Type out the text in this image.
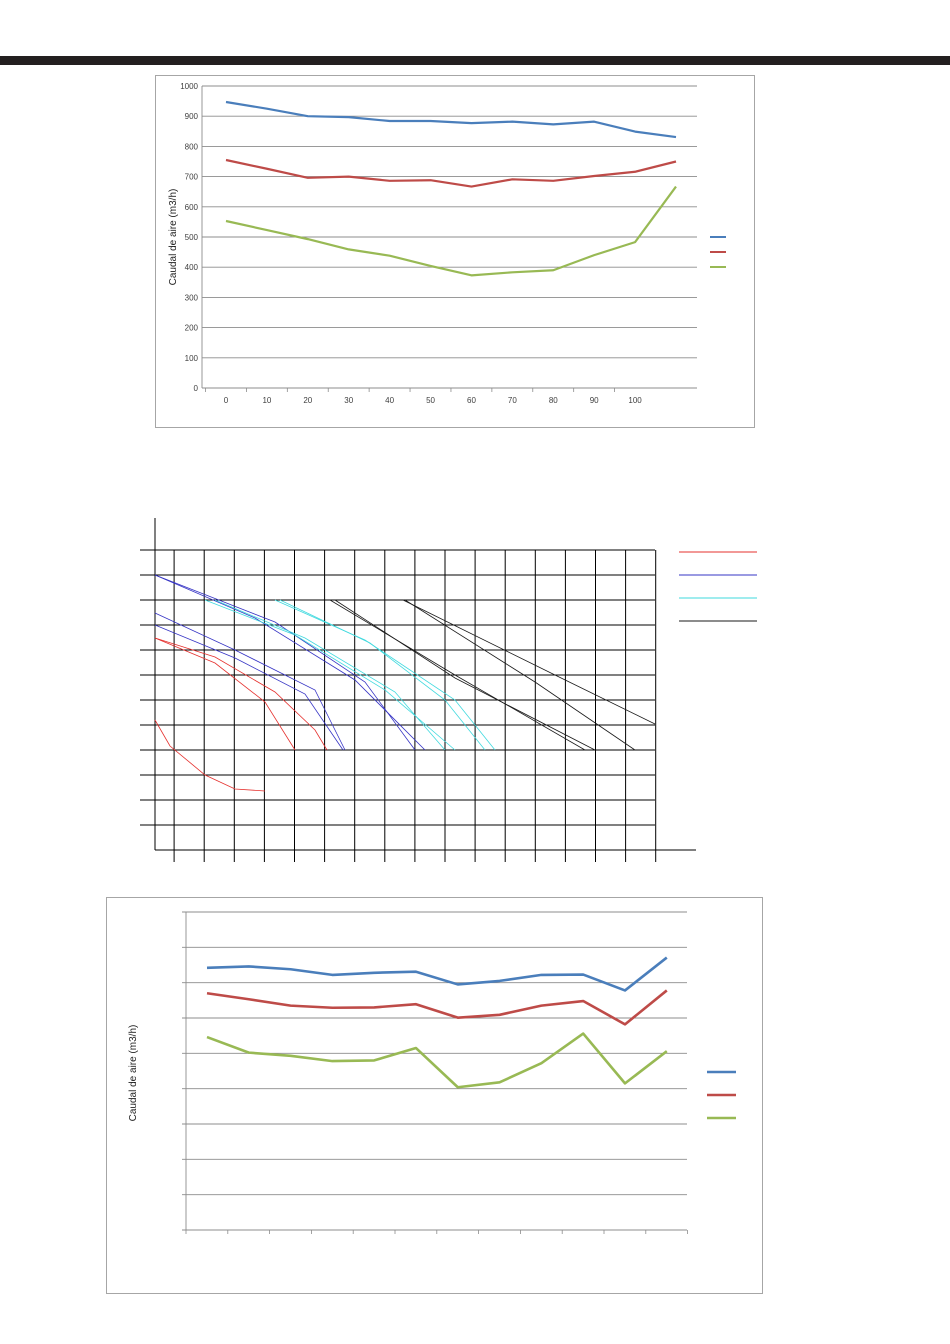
0
100
200
300
400
500
600
700
800
900
1000
0	10	20	30	40	50	60	70	80	90	100
Caudal de aire (m3/h)
Caudal de aire (m3/h)
